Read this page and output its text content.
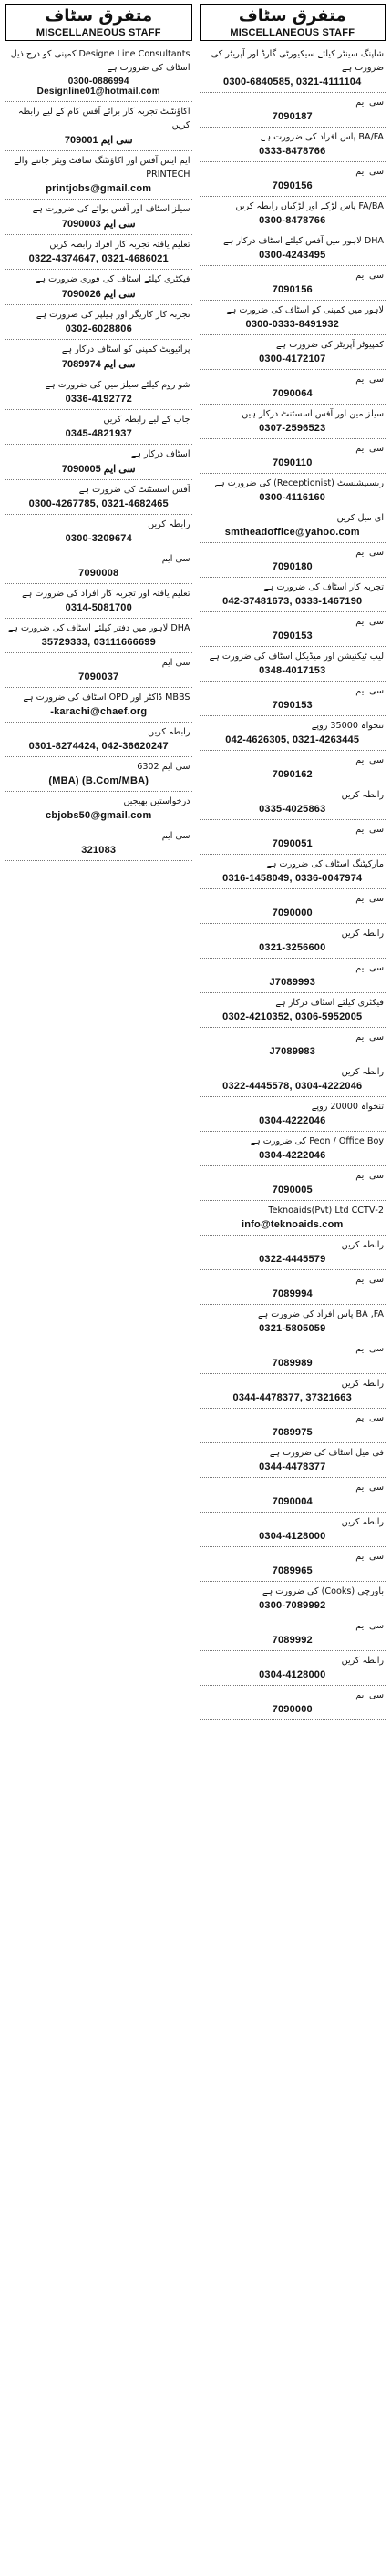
متفرق سٹاف
MISCELLANEOUS STAFF
Designe Line Consultants کمپنی کو درج ذیل اسٹاف کی ضرورت ہے
0300-0886994 Designline01@hotmail.com
اکاؤنٹنٹ تجربہ کار برائے آفس کام کے لیے رابطہ کریں
سی ایم 709001
ایم ایس آفس اور اکاؤنٹنگ سافٹ ویئر جاننے والے PRINTECH
printjobs@gmail.com
سیلز اسٹاف اور آفس بوائے کی ضرورت ہے
سی ایم 7090003
تعلیم یافتہ تجربہ کار افراد رابطہ کریں
0322-4374647, 0321-4686021
فیکٹری کیلئے اسٹاف کی فوری ضرورت ہے
سی ایم 7090026
تجربہ کار کاریگر اور ہیلپر کی ضرورت ہے
0302-6028806
پرائیویٹ کمپنی کو اسٹاف درکار ہے
سی ایم 7089974
شو روم کیلئے سیلز مین کی ضرورت ہے
0336-4192772
جاب کے لیے رابطہ کریں
0345-4821937
اسٹاف درکار ہے
سی ایم 7090005
آفس اسسٹنٹ کی ضرورت ہے
0300-4267785, 0321-4682465
رابطہ کریں
0300-3209674
سی ایم
7090008
تعلیم یافتہ اور تجربہ کار افراد کی ضرورت ہے
0314-5081700
DHA لاہور میں دفتر کیلئے اسٹاف کی ضرورت ہے
35729333, 03111666699
سی ایم
7090037
MBBS ڈاکٹر اور OPD اسٹاف کی ضرورت ہے
-karachi@chaef.org
رابطہ کریں
0301-8274424, 042-36620247
سی ایم 6302
(MBA) (B.Com/MBA)
درخواستیں بھیجیں
cbjobs50@gmail.com
سی ایم
321083
متفرق سٹاف
MISCELLANEOUS STAFF
شاپنگ سینٹر کیلئے سیکیورٹی گارڈ اور آپریٹر کی ضرورت ہے
0300-6840585, 0321-4111104
سی ایم
7090187
BA/FA پاس افراد کی ضرورت ہے
0333-8478766
سی ایم
7090156
FA/BA پاس لڑکے اور لڑکیاں رابطہ کریں
0300-8478766
DHA لاہور میں آفس کیلئے اسٹاف درکار ہے
0300-4243495
سی ایم
7090156
لاہور میں کمپنی کو اسٹاف کی ضرورت ہے
0300-0333-8491932
کمپیوٹر آپریٹر کی ضرورت ہے
0300-4172107
سی ایم
7090064
سیلز مین اور آفس اسسٹنٹ درکار ہیں
0307-2596523
سی ایم
7090110
ریسیپشنسٹ (Receptionist) کی ضرورت ہے
0300-4116160
ای میل کریں
smtheadoffice@yahoo.com
سی ایم
7090180
تجربہ کار اسٹاف کی ضرورت ہے
042-37481673, 0333-1467190
سی ایم
7090153
لیب ٹیکنیشن اور میڈیکل اسٹاف کی ضرورت ہے
0348-4017153
سی ایم
7090153
تنخواہ 35000 روپے
042-4626305, 0321-4263445
سی ایم
7090162
رابطہ کریں
0335-4025863
سی ایم
7090051
مارکیٹنگ اسٹاف کی ضرورت ہے
0316-1458049, 0336-0047974
سی ایم
7090000
رابطہ کریں
0321-3256600
سی ایم
J7089993
فیکٹری کیلئے اسٹاف درکار ہے
0302-4210352, 0306-5952005
سی ایم
J7089983
رابطہ کریں
0322-4445578, 0304-4222046
تنخواہ 20000 روپے
0304-4222046
Peon / Office Boy کی ضرورت ہے
0304-4222046
سی ایم
7090005
2-Teknoaids(Pvt) Ltd CCTV
info@teknoaids.com
رابطہ کریں
0322-4445579
سی ایم
7089994
BA ,FA پاس افراد کی ضرورت ہے
0321-5805059
سی ایم
7089989
رابطہ کریں
0344-4478377, 37321663
سی ایم
7089975
فی میل اسٹاف کی ضرورت ہے
0344-4478377
سی ایم
7090004
رابطہ کریں
0304-4128000
سی ایم
7089965
باورچی (Cooks) کی ضرورت ہے
0300-7089992
سی ایم
7089992
رابطہ کریں
0304-4128000
سی ایم
7090000
